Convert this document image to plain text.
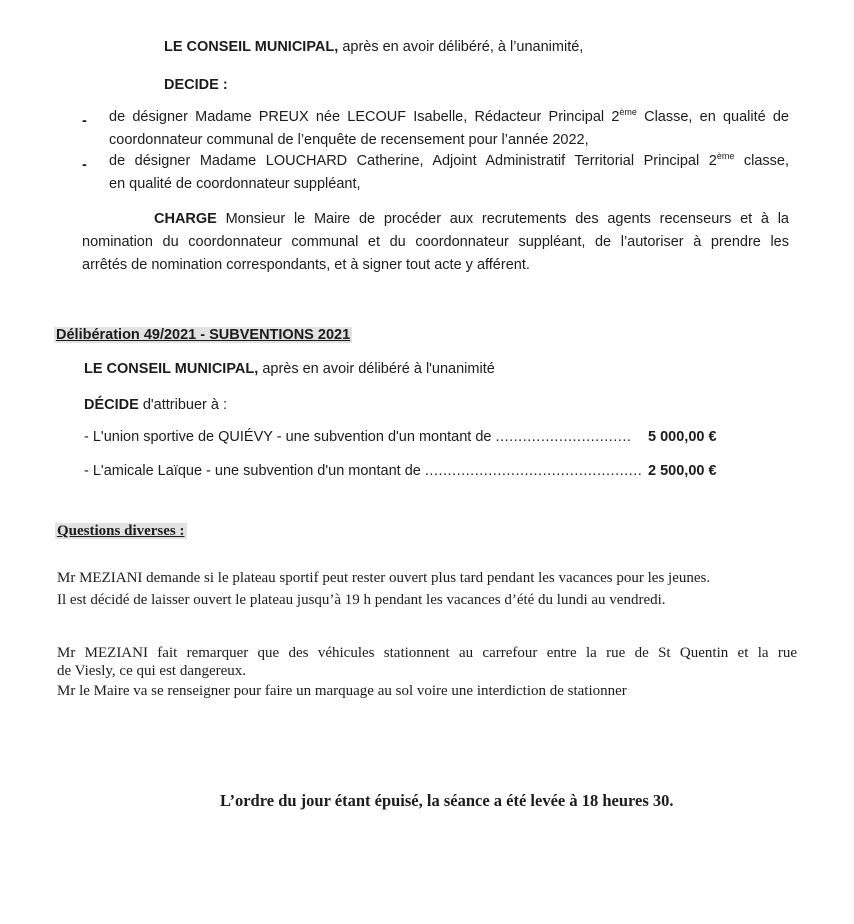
LE CONSEIL MUNICIPAL, après en avoir délibéré, à l’unanimité,
DECIDE :
- de désigner Madame PREUX née LECOUF Isabelle, Rédacteur Principal 2ème Classe, en qualité de
coordonnateur communal de l’enquête de recensement pour l’année 2022,
- de désigner Madame LOUCHARD Catherine, Adjoint Administratif Territorial Principal 2ème classe,
en qualité de coordonnateur suppléant,
CHARGE Monsieur le Maire de procéder aux recrutements des agents recenseurs et à la
nomination du coordonnateur communal et du coordonnateur suppléant, de l’autoriser à prendre les
arrêtés de nomination correspondants, et à signer tout acte y afférent.
Délibération 49/2021 - SUBVENTIONS 2021
LE CONSEIL MUNICIPAL, après en avoir délibéré à l'unanimité
DÉCIDE d'attribuer à :
- L'union sportive de QUIÉVY - une subvention d'un montant de .............................. 5 000,00 €
- L'amicale Laïque - une subvention d'un montant de ................................................ 2 500,00 €
Questions diverses :
Mr MEZIANI demande si le plateau sportif peut rester ouvert plus tard pendant les vacances pour les jeunes.
Il est décidé de laisser ouvert le plateau jusqu’à 19 h pendant les vacances d’été du lundi au vendredi.
Mr MEZIANI fait remarquer que des véhicules stationnent au carrefour entre la rue de St Quentin et la rue
de Viesly, ce qui est dangereux.
Mr le Maire va se renseigner pour faire un marquage au sol voire une interdiction de stationner
L’ordre du jour étant épuisé, la séance a été levée à 18 heures 30.
